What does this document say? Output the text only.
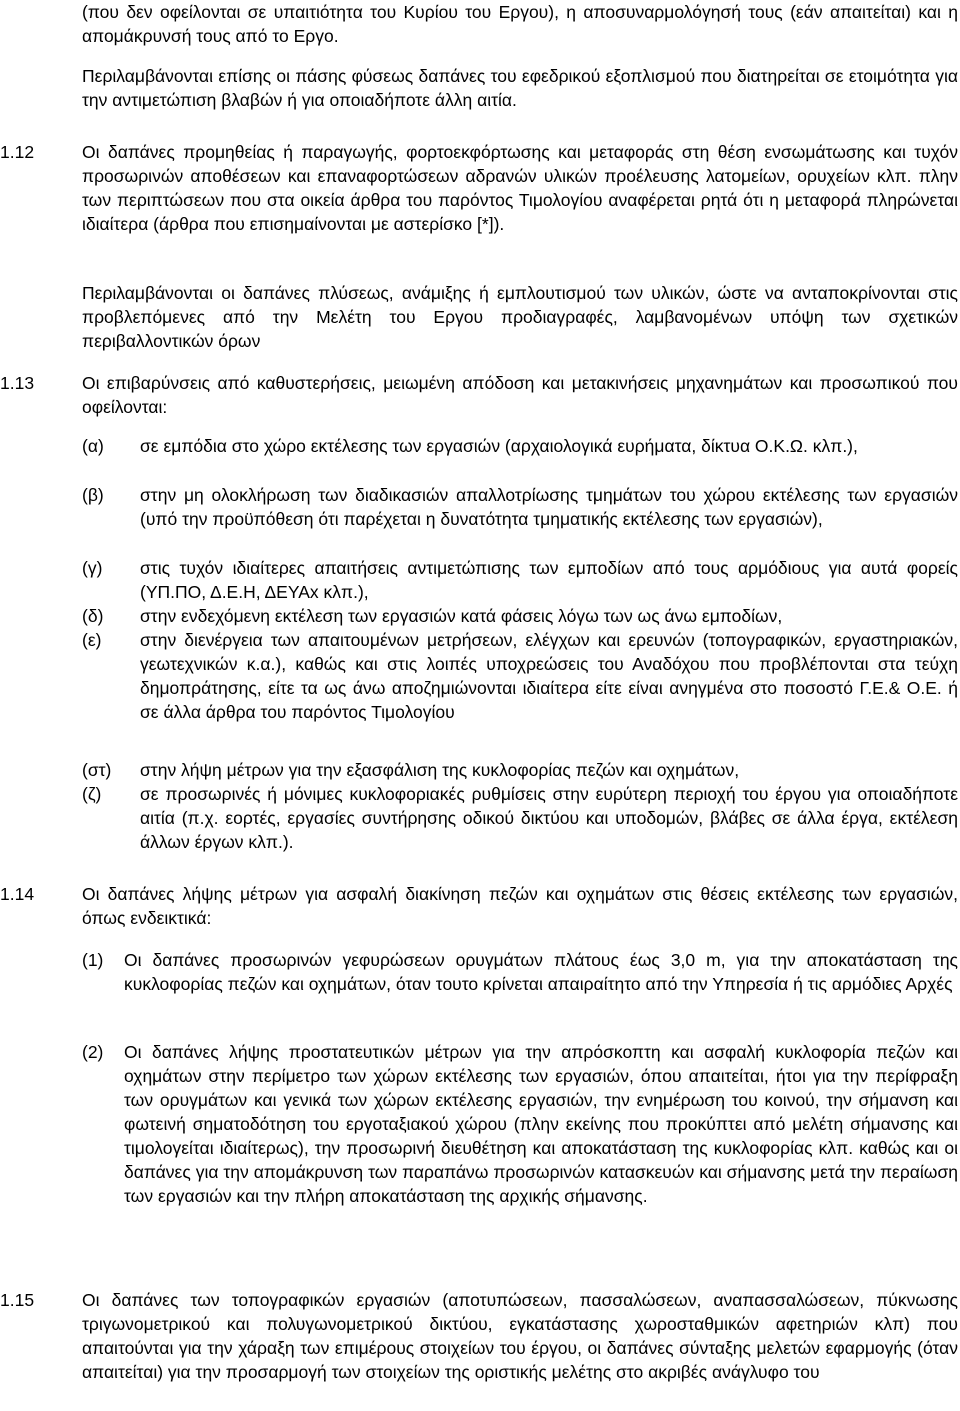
(που δεν οφείλονται σε υπαιτιότητα του Κυρίου του Εργου), η αποσυναρμολόγησή τους (εάν απαιτείται) και η απομάκρυνσή τους από το Εργο.
Περιλαμβάνονται επίσης οι πάσης φύσεως δαπάνες του εφεδρικού εξοπλισμού που διατηρείται σε ετοιμότητα για την αντιμετώπιση βλαβών ή για οποιαδήποτε άλλη αιτία.
1.12	Οι δαπάνες προμηθείας ή παραγωγής, φορτοεκφόρτωσης και μεταφοράς στη θέση ενσωμάτωσης και τυχόν προσωρινών αποθέσεων και επαναφορτώσεων αδρανών υλικών προέλευσης λατομείων, ορυχείων κλπ. πλην των περιπτώσεων που στα οικεία άρθρα του παρόντος Τιμολογίου αναφέρεται ρητά ότι η μεταφορά πληρώνεται ιδιαίτερα (άρθρα που επισημαίνονται με αστερίσκο [*]).
Περιλαμβάνονται οι δαπάνες πλύσεως, ανάμιξης ή εμπλουτισμού των υλικών, ώστε να ανταποκρίνονται στις προβλεπόμενες από την Μελέτη του Εργου προδιαγραφές, λαμβανομένων υπόψη των σχετικών περιβαλλοντικών όρων
1.13	Οι επιβαρύνσεις από καθυστερήσεις, μειωμένη απόδοση και μετακινήσεις μηχανημάτων και προσωπικού που οφείλονται:
(α) σε εμπόδια στο χώρο εκτέλεσης των εργασιών (αρχαιολογικά ευρήματα, δίκτυα Ο.Κ.Ω. κλπ.),
(β) στην μη ολοκλήρωση των διαδικασιών απαλλοτρίωσης τμημάτων του χώρου εκτέλεσης των εργασιών (υπό την προϋπόθεση ότι παρέχεται η δυνατότητα τμηματικής εκτέλεσης των εργασιών),
(γ) στις τυχόν ιδιαίτερες απαιτήσεις αντιμετώπισης των εμποδίων από τους αρμόδιους για αυτά φορείς (ΥΠ.ΠΟ, Δ.Ε.Η, ΔΕΥΑx κλπ.),
(δ) στην ενδεχόμενη εκτέλεση των εργασιών κατά φάσεις λόγω των ως άνω εμποδίων,
(ε) στην διενέργεια των απαιτουμένων μετρήσεων, ελέγχων και ερευνών (τοπογραφικών, εργαστηριακών, γεωτεχνικών κ.α.), καθώς και στις λοιπές υποχρεώσεις του Αναδόχου που προβλέπονται στα τεύχη δημοπράτησης, είτε τα ως άνω αποζημιώνονται ιδιαίτερα είτε είναι ανηγμένα στο ποσοστό Γ.Ε.& Ο.Ε. ή σε άλλα άρθρα του παρόντος Τιμολογίου
(στ) στην λήψη μέτρων για την εξασφάλιση της κυκλοφορίας πεζών και οχημάτων,
(ζ) σε προσωρινές ή μόνιμες κυκλοφοριακές ρυθμίσεις στην ευρύτερη περιοχή του έργου για οποιαδήποτε αιτία (π.χ. εορτές, εργασίες συντήρησης οδικού δικτύου και υποδομών, βλάβες σε άλλα έργα, εκτέλεση άλλων έργων κλπ.).
1.14	Οι δαπάνες λήψης μέτρων για ασφαλή διακίνηση πεζών και οχημάτων στις θέσεις εκτέλεσης των εργασιών, όπως ενδεικτικά:
(1) Οι δαπάνες προσωρινών γεφυρώσεων ορυγμάτων πλάτους έως 3,0 m, για την αποκατάσταση της κυκλοφορίας πεζών και οχημάτων, όταν τουτο κρίνεται απαιραίτητο από την Υπηρεσία ή τις αρμόδιες Αρχές
(2) Οι δαπάνες λήψης προστατευτικών μέτρων για την απρόσκοπτη και ασφαλή κυκλοφορία πεζών και οχημάτων στην περίμετρο των χώρων εκτέλεσης των εργασιών, όπου απαιτείται, ήτοι για την περίφραξη των ορυγμάτων και γενικά των χώρων εκτέλεσης εργασιών, την ενημέρωση του κοινού, την σήμανση και φωτεινή σηματοδότηση του εργοταξιακού χώρου (πλην εκείνης που προκύπτει από μελέτη σήμανσης και τιμολογείται ιδιαίτερως), την προσωρινή διευθέτηση και αποκατάσταση της κυκλοφορίας κλπ. καθώς και οι δαπάνες για την απομάκρυνση των παραπάνω προσωρινών κατασκευών και σήμανσης μετά την περαίωση των εργασιών και την πλήρη αποκατάσταση της αρχικής σήμανσης.
1.15	Οι δαπάνες των τοπογραφικών εργασιών (αποτυπώσεων, πασσαλώσεων, αναπασσαλώσεων, πύκνωσης τριγωνομετρικού και πολυγωνομετρικού δικτύου, εγκατάστασης χωροσταθμικών αφετηριών κλπ) που απαιτούνται για την χάραξη των επιμέρους στοιχείων του έργου, οι δαπάνες σύνταξης μελετών εφαρμογής (όταν απαιτείται) για την προσαρμογή των στοιχείων της οριστικής μελέτης στο ακριβές ανάγλυφο του
